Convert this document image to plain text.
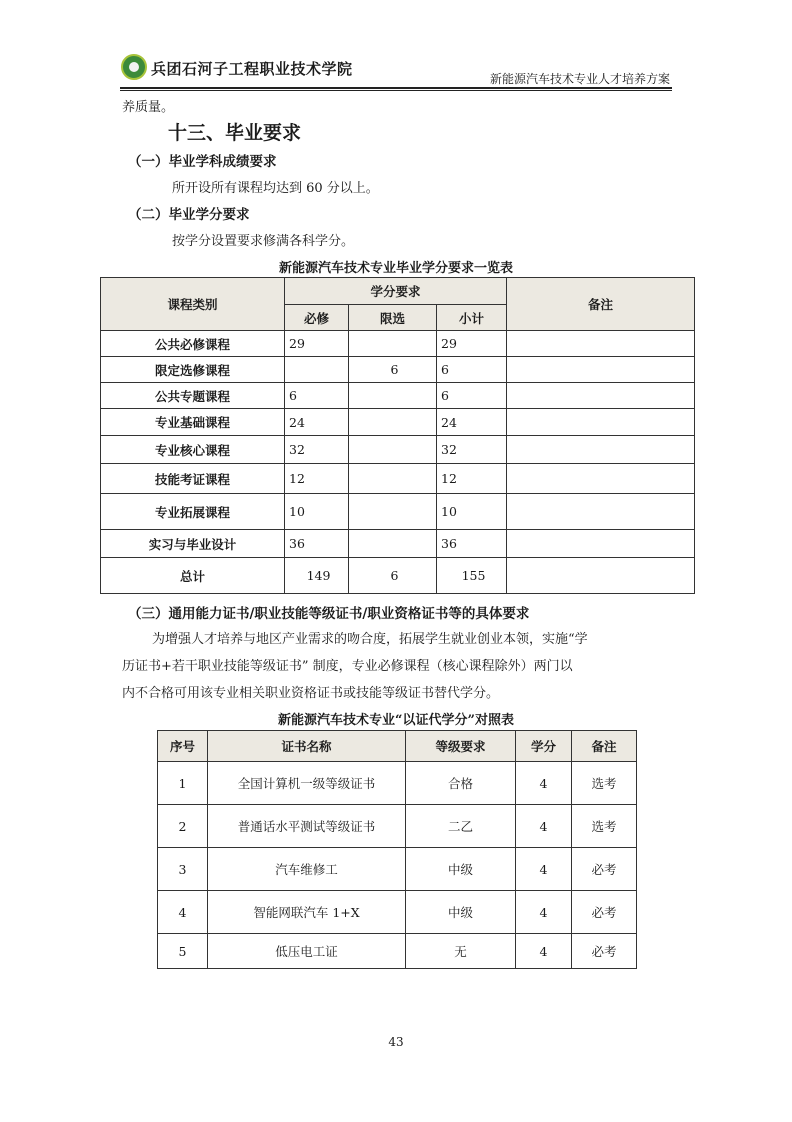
兵团石河子工程职业技术学院
新能源汽车技术专业人才培养方案
养质量。
十三、毕业要求
（一）毕业学科成绩要求
所开设所有课程均达到 60 分以上。
（二）毕业学分要求
按学分设置要求修满各科学分。
新能源汽车技术专业毕业学分要求一览表
课程类别	学分要求			备注
	必修	限选	小计	
公共必修课程	29		29	
限定选修课程		6	6	
公共专题课程	6		6	
专业基础课程	24		24	
专业核心课程	32		32	
技能考证课程	12		12	
专业拓展课程	10		10	
实习与毕业设计	36		36	
总计	149	6	155	
（三）通用能力证书/职业技能等级证书/职业资格证书等的具体要求
为增强人才培养与地区产业需求的吻合度，拓展学生就业创业本领，实施“学
历证书+若干职业技能等级证书” 制度，专业必修课程（核心课程除外）两门以
内不合格可用该专业相关职业资格证书或技能等级证书替代学分。
新能源汽车技术专业“以证代学分”对照表
序号	证书名称	等级要求	学分	备注
1	全国计算机一级等级证书	合格	4	选考
2	普通话水平测试等级证书	二乙	4	选考
3	汽车维修工	中级	4	必考
4	智能网联汽车 1+X	中级	4	必考
5	低压电工证	无	4	必考
43
